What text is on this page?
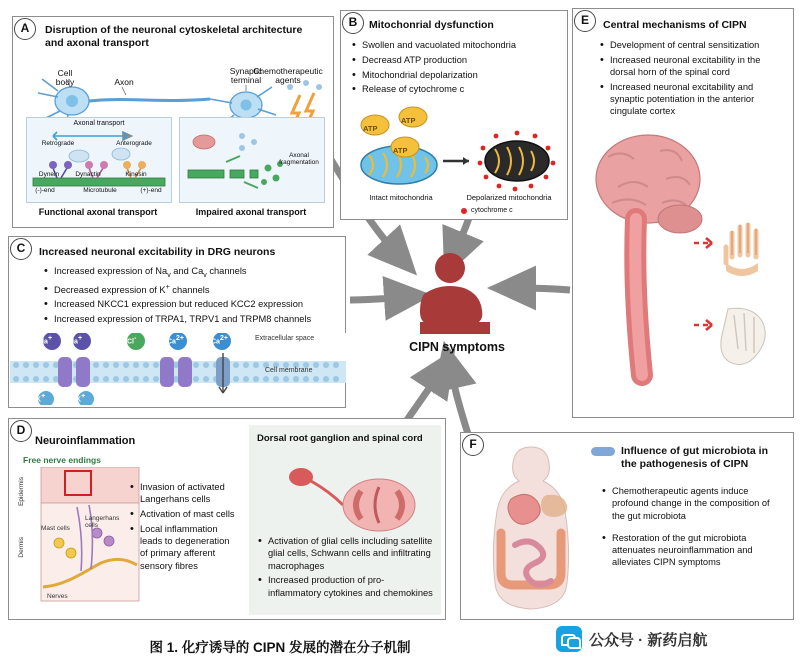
Disruption of the neuronal cytoskeletal architecture and axonal transport
Cell
body	Axon
Synaptic
terminal
Chemotherapeutic
agents
Axonal transport
Retrograde	Anterograde
Dynein	Dynactin	Kinesin
(-)-end	Microtubule	(+)-end
Axonal
fragmentation
Functional axonal transport	Impaired axonal transport
A	Mitochonrial dysfunction
• Swollen and vacuolated mitochondria
• Decreasd ATP production
• Mitochondrial depolarization
• Release of cytochrome c
ATP
ATP
ATP
Intact mitochondria	Depolarized mitochondria
cytochrome c
B
Increased neuronal excitability in DRG neurons
• Increased expression of $Na_v$ and $Ca_v$ channels
• Decreased expression of K+ channels
• Increased NKCC1 expression but reduced KCC2 expression
• Increased expression of TRPA1, TRPV1 and TRPM8 channels
Na+ Na+	Cl-	Ca2+	Ca2+
K+	K+
Extracellular space
Cell membrane
C
Neuroinflammation
Free nerve endings
Epidermis
Dermis
Mast cells
Langerhans
cells
Nerves
• Invasion of activated Langerhans cells
• Activation of mast cells
• Local inflammation leads to degeneration of primary afferent sensory fibres
Dorsal root ganglion and spinal cord
• Activation of glial cells including satellite glial cells, Schwann cells and infiltrating macrophages
• Increased production of pro-inflammatory cytokines and chemokines
D
Central mechanisms of CIPN
• Development of central sensitization
• Increased neuronal excitability in the dorsal horn of the spinal cord
• Increased neuronal excitability and synaptic potentiation in the anterior cingulate cortex
E
Influence of gut microbiota in the pathogenesis of CIPN
• Chemotherapeutic agents induce profound change in the composition of the gut microbiota
• Restoration of the gut microbiota attenuates neuroinflammation and alleviates CIPN symptoms
F
CIPN symptoms
图 1. 化疗诱导的 CIPN 发展的潜在分子机制	公众号 · 新药启航
